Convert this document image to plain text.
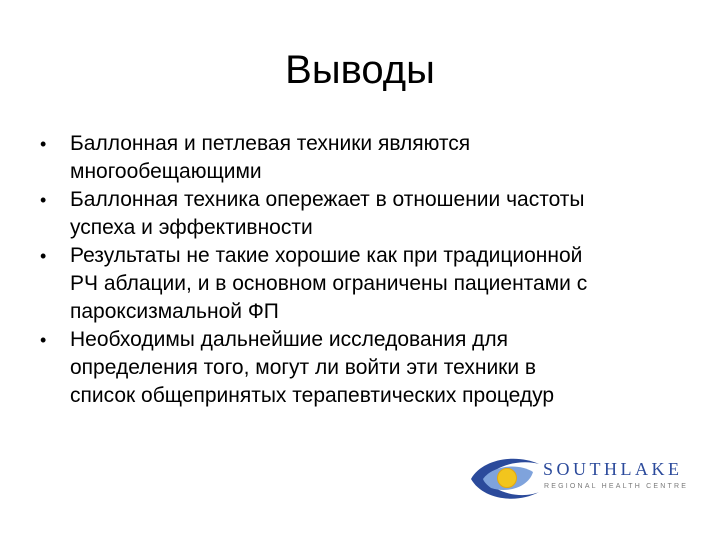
Выводы
•	Баллонная и петлевая техники являются
многообещающими
•	Баллонная техника опережает в отношении частоты
успеха и эффективности
•	Результаты не такие хорошие как при традиционной
РЧ аблации, и в основном ограничены пациентами с
пароксизмальной ФП
•	Необходимы дальнейшие исследования для
определения того, могут ли войти эти техники в
список общепринятых терапевтических процедур
SOUTHLAKE
REGIONAL HEALTH CENTRE
